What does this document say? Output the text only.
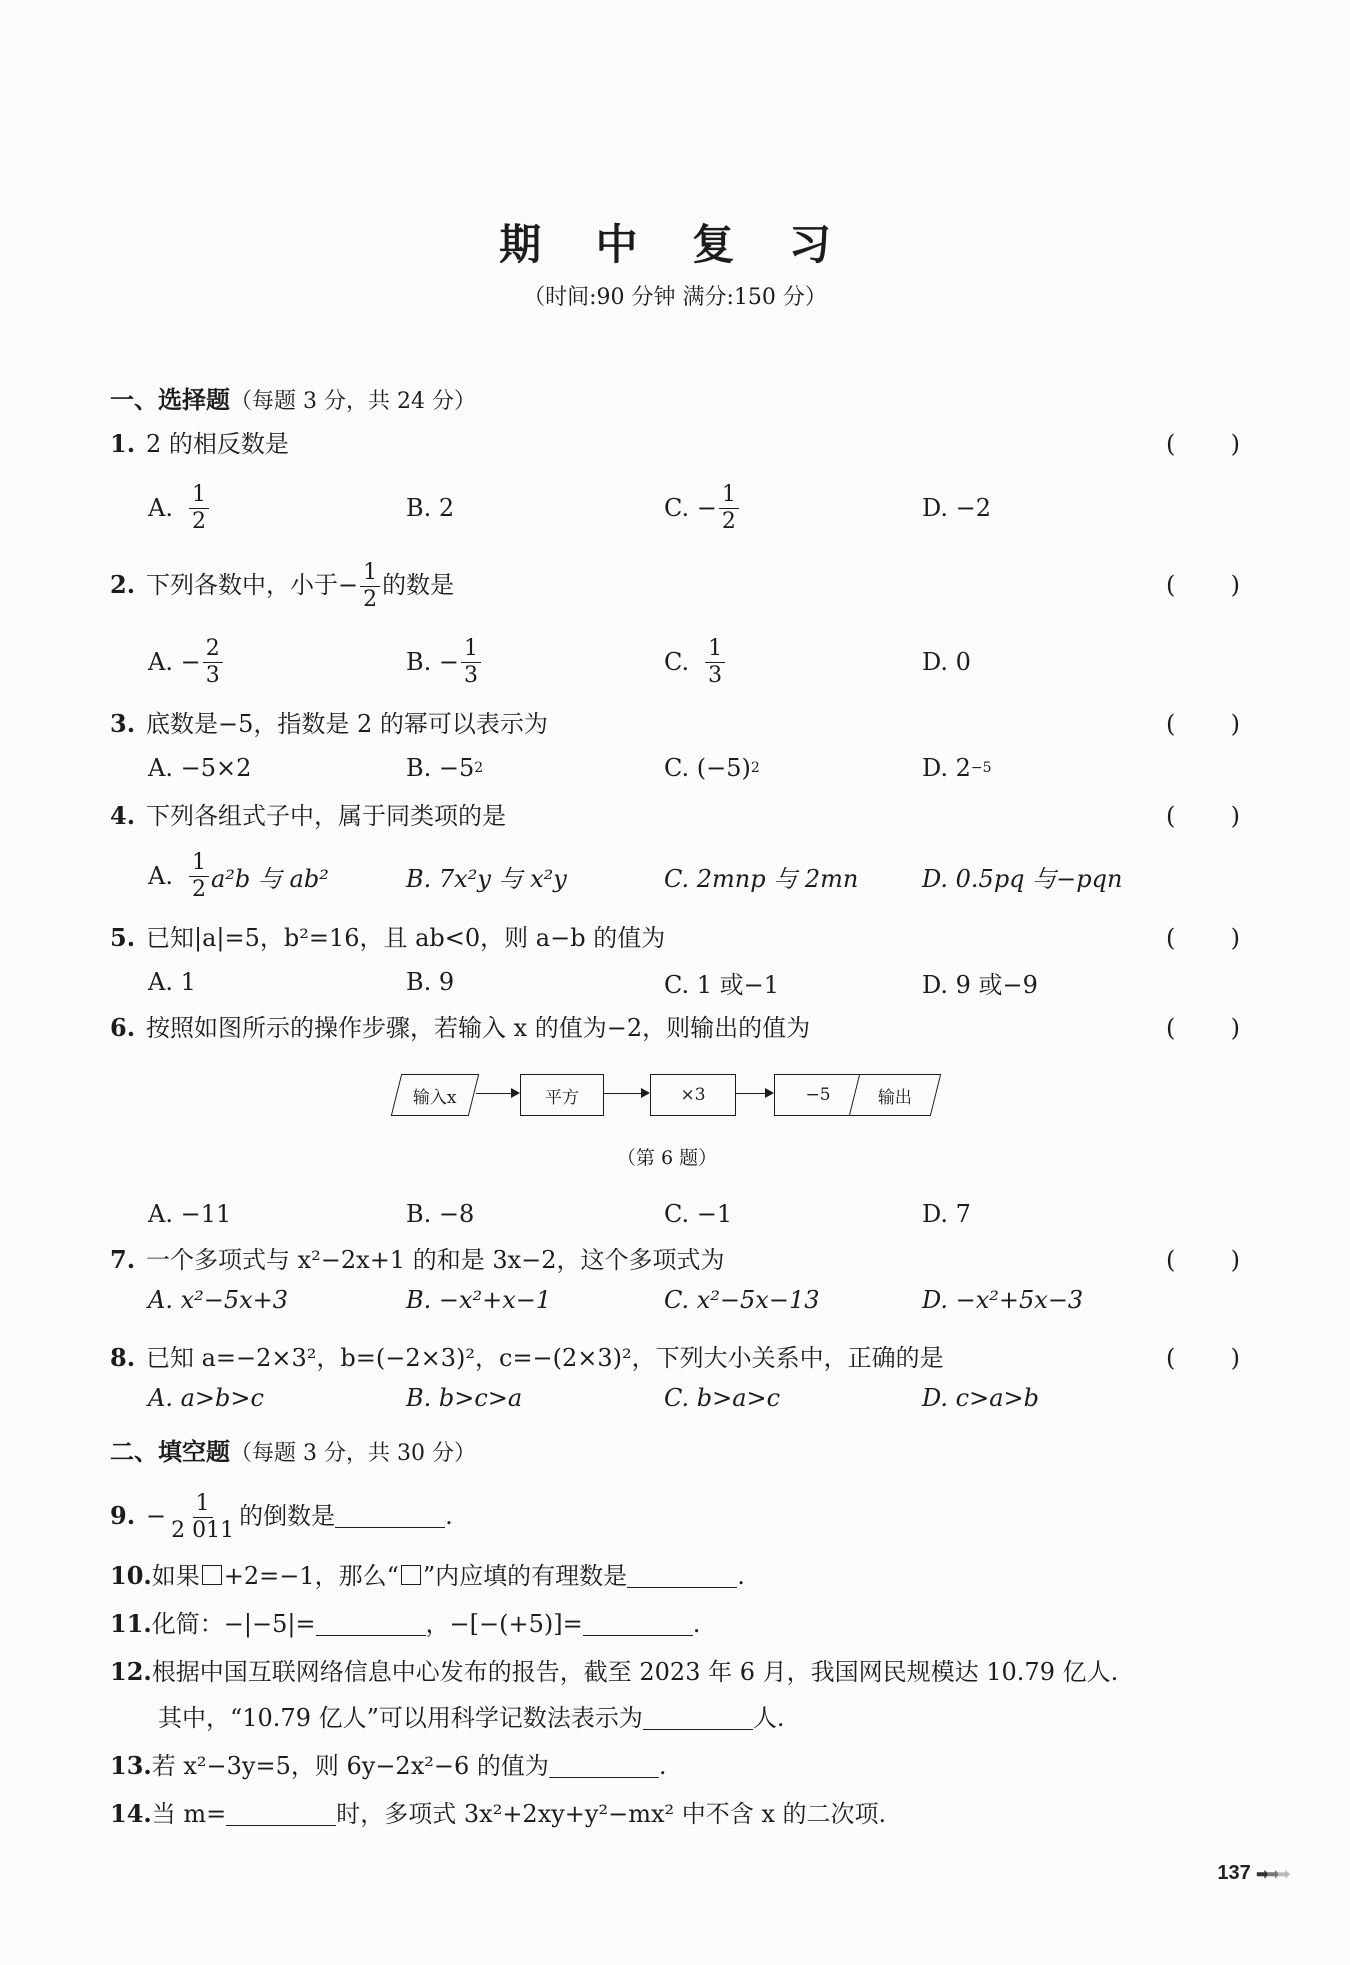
期 中 复 习
（时间:90 分钟 满分:150 分）
一、选择题（每题 3 分，共 24 分）
1. 2 的相反数是	( )
A. $\frac{1}{2}$	B. 2	C. − $\frac{1}{2}$	D. −2
2. 下列各数中，小于− $\frac{1}{2}$ 的数是	( )
A. − $\frac{2}{3}$	B. − $\frac{1}{3}$	C. $\frac{1}{3}$	D. 0
3. 底数是−5，指数是 2 的幂可以表示为	( )
A. −5×2	B. −5 2	C. (−5) 2	D. 2 −5
4. 下列各组式子中，属于同类项的是	( )
A. $\frac{1}{2} a^2b$ 与 ab²	B. 7x²y 与 x²y	C. 2mnp 与 2mn	D. 0.5pq 与−pqn
5. 已知|a|=5，b²=16，且 ab<0，则 a−b 的值为	( )
A. 1	B. 9	C. 1 或−1	D. 9 或−9
6. 按照如图所示的操作步骤，若输入 x 的值为−2，则输出的值为	( )
输入x	平方	×3	−5	输出
（第 6 题）
A. −11	B. −8	C. −1	D. 7
7. 一个多项式与 x²−2x+1 的和是 3x−2，这个多项式为	( )
A. x²−5x+3	B. −x²+x−1	C. x²−5x−13	D. −x²+5x−3
8. 已知 a=−2×3²，b=(−2×3)²，c=−(2×3)²，下列大小关系中，正确的是	( )
A. a>b>c	B. b>c>a	C. b>a>c	D. c>a>b
二、填空题（每题 3 分，共 30 分）
9. − $\frac{1}{2 011}$ 的倒数是	.
10.如果 +2=−1，那么“ ”内应填的有理数是	.
11.化简：−|−5|=	，−[−(+5)]=	.
12.根据中国互联网络信息中心发布的报告，截至 2023 年 6 月，我国网民规模达 10.79 亿人.
其中，“10.79 亿人”可以用科学记数法表示为	人.
13.若 x²−3y=5，则 6y−2x²−6 的值为	.
14.当 m=	时，多项式 3x²+2xy+y²−mx² 中不含 x 的二次项.
137 ➡➡➡
